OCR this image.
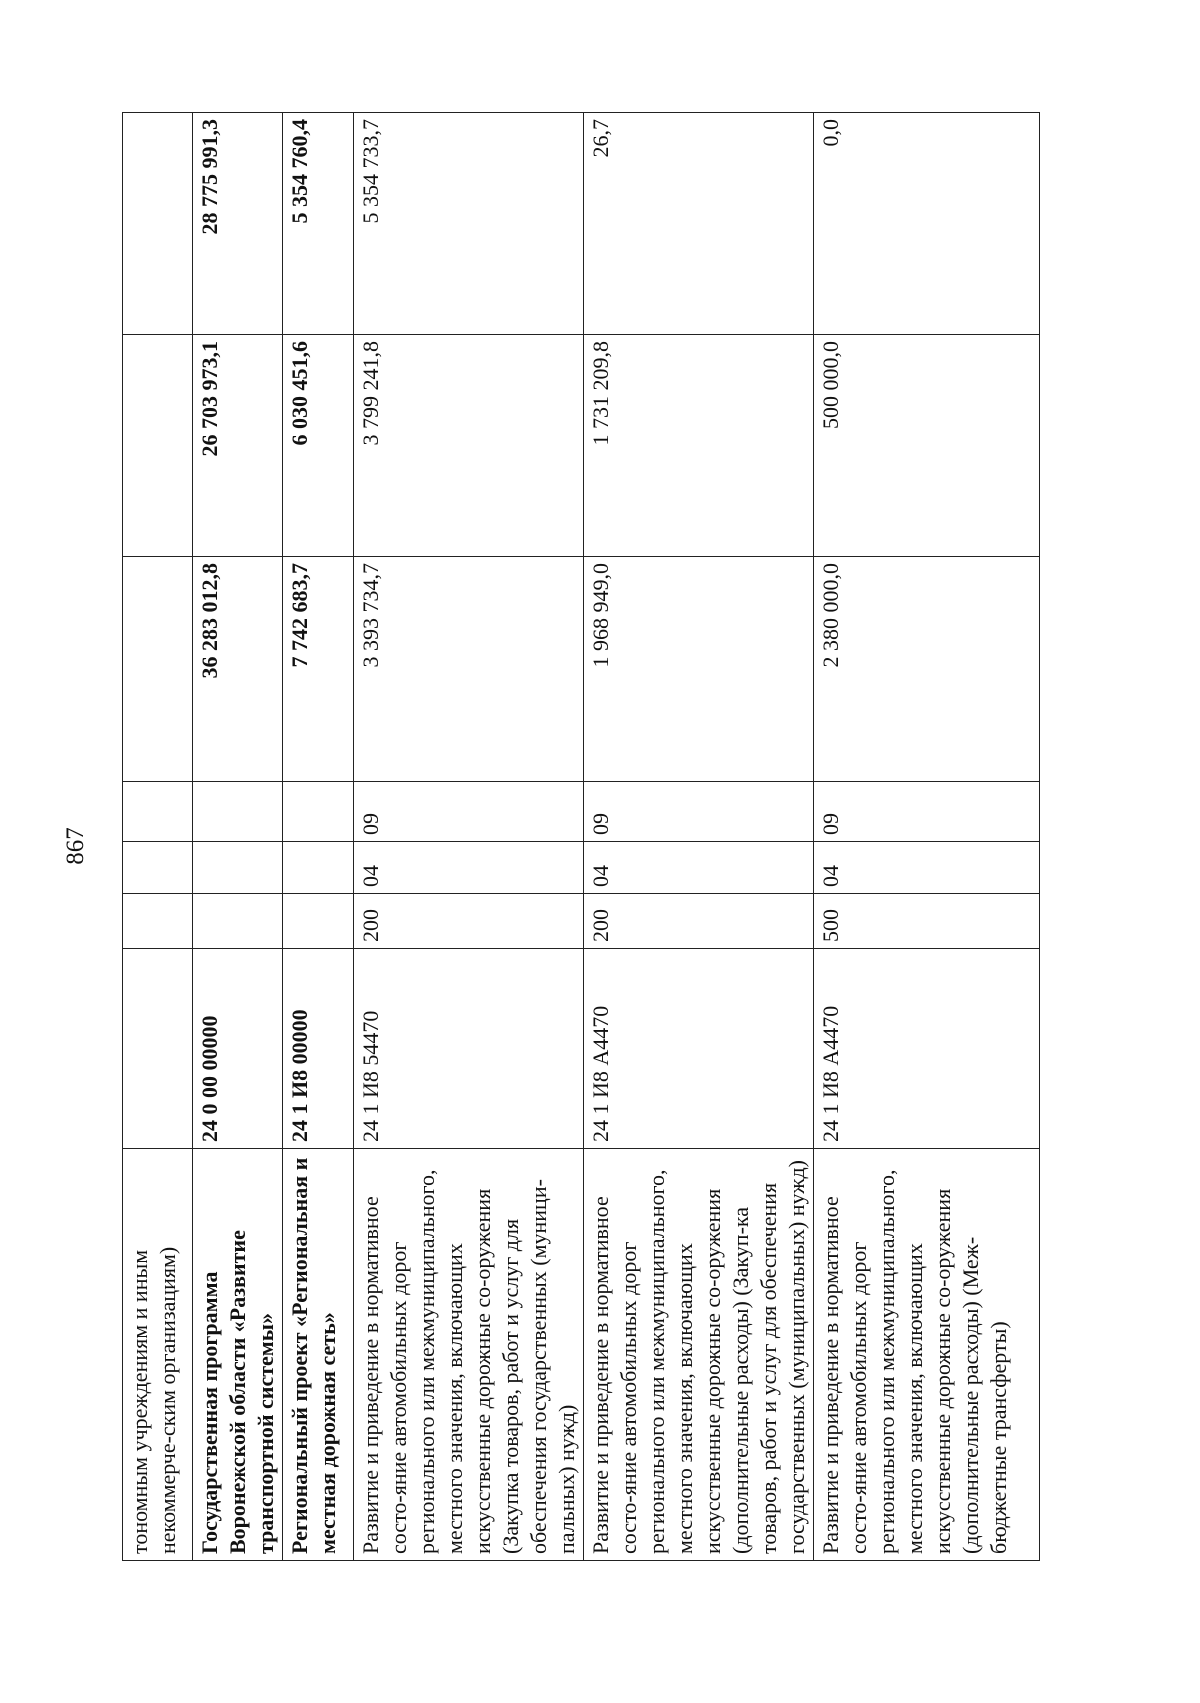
867
тономным учреждениям и иным некоммерче-ским организациям)							
Государственная программа Воронежской области «Развитие транспортной системы»	24 0 00 00000				36 283 012,8	26 703 973,1	28 775 991,3
Региональный проект «Региональная и местная дорожная сеть»	24 1 И8 00000				7 742 683,7	6 030 451,6	5 354 760,4
Развитие и приведение в нормативное состо-яние автомобильных дорог регионального или межмуниципального, местного значения, включающих искусственные дорожные со-оружения (Закупка товаров, работ и услуг для обеспечения государственных (муници-пальных) нужд)	24 1 И8 54470	200	04	09	3 393 734,7	3 799 241,8	5 354 733,7
Развитие и приведение в нормативное состо-яние автомобильных дорог регионального или межмуниципального, местного значения, включающих искусственные дорожные со-оружения (дополнительные расходы) (Закуп-ка товаров, работ и услуг для обеспечения государственных (муниципальных) нужд)	24 1 И8 А4470	200	04	09	1 968 949,0	1 731 209,8	26,7
Развитие и приведение в нормативное состо-яние автомобильных дорог регионального или межмуниципального, местного значения, включающих искусственные дорожные со-оружения (дополнительные расходы) (Меж-бюджетные трансферты)	24 1 И8 А4470	500	04	09	2 380 000,0	500 000,0	0,0
